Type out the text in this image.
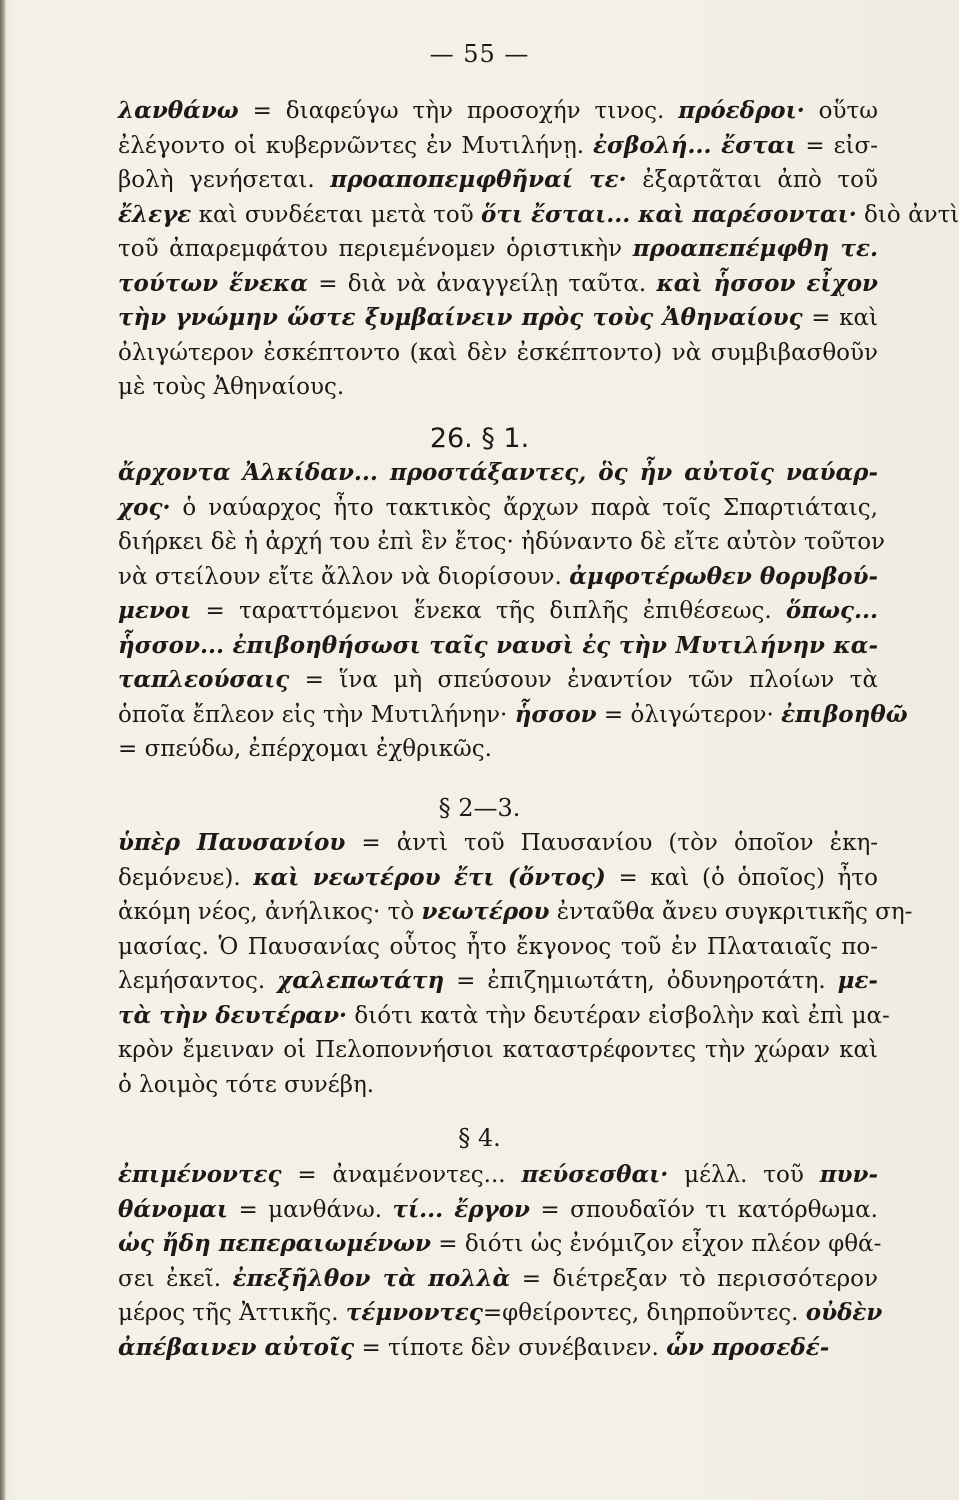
— 55 —
λανθάνω = διαφεύγω τὴν προσοχήν τινος. πρόεδροι· οὕτω
ἐλέγοντο οἱ κυβερνῶντες ἐν Μυτιλήνῃ. ἐσβολή... ἔσται = εἰσ-
βολὴ γενήσεται. προαποπεμφθῆναί τε· ἐξαρτᾶται ἀπὸ τοῦ
ἔλεγε καὶ συνδέεται μετὰ τοῦ ὅτι ἔσται... καὶ παρέσονται· διὸ ἀντὶ
τοῦ ἀπαρεμφάτου περιεμένομεν ὁριστικὴν προαπεπέμφθη τε.
τούτων ἕνεκα = διὰ νὰ ἀναγγείλῃ ταῦτα. καὶ ἧσσον εἶχον
τὴν γνώμην ὥστε ξυμβαίνειν πρὸς τοὺς Ἀθηναίους = καὶ
ὀλιγώτερον ἐσκέπτοντο (καὶ δὲν ἐσκέπτοντο) νὰ συμβιβασθοῦν
μὲ τοὺς Ἀθηναίους.
26. § 1.
ἄρχοντα Ἀλκίδαν... προστάξαντες, ὃς ἦν αὐτοῖς ναύαρ-
χος· ὁ ναύαρχος ἦτο τακτικὸς ἄρχων παρὰ τοῖς Σπαρτιάταις,
διήρκει δὲ ἡ ἀρχή του ἐπὶ ἓν ἔτος· ἠδύναντο δὲ εἴτε αὐτὸν τοῦτον
νὰ στείλουν εἴτε ἄλλον νὰ διορίσουν. ἀμφοτέρωθεν θορυβού-
μενοι = ταραττόμενοι ἕνεκα τῆς διπλῆς ἐπιθέσεως. ὅπως...
ἧσσον... ἐπιβοηθήσωσι ταῖς ναυσὶ ἐς τὴν Μυτιλήνην κα-
ταπλεούσαις = ἵνα μὴ σπεύσουν ἐναντίον τῶν πλοίων τὰ
ὁποῖα ἔπλεον εἰς τὴν Μυτιλήνην· ἧσσον = ὀλιγώτερον· ἐπιβοηθῶ
= σπεύδω, ἐπέρχομαι ἐχθρικῶς.
§ 2—3.
ὑπὲρ Παυσανίου = ἀντὶ τοῦ Παυσανίου (τὸν ὁποῖον ἐκη-
δεμόνευε). καὶ νεωτέρου ἔτι (ὄντος) = καὶ (ὁ ὁποῖος) ἦτο
ἀκόμη νέος, ἀνήλικος· τὸ νεωτέρου ἐνταῦθα ἄνευ συγκριτικῆς ση-
μασίας. Ὁ Παυσανίας οὗτος ἦτο ἔκγονος τοῦ ἐν Πλαταιαῖς πο-
λεμήσαντος. χαλεπωτάτη = ἐπιζημιωτάτη, ὀδυνηροτάτη. με-
τὰ τὴν δευτέραν· διότι κατὰ τὴν δευτέραν εἰσβολὴν καὶ ἐπὶ μα-
κρὸν ἔμειναν οἱ Πελοποννήσιοι καταστρέφοντες τὴν χώραν καὶ
ὁ λοιμὸς τότε συνέβη.
§ 4.
ἐπιμένοντες = ἀναμένοντες... πεύσεσθαι· μέλλ. τοῦ πυν-
θάνομαι = μανθάνω. τί... ἔργον = σπουδαῖόν τι κατόρθωμα.
ὡς ἤδη πεπεραιωμένων = διότι ὡς ἐνόμιζον εἶχον πλέον φθά-
σει ἐκεῖ. ἐπεξῆλθον τὰ πολλὰ = διέτρεξαν τὸ περισσότερον
μέρος τῆς Ἀττικῆς. τέμνοντες=φθείροντες, διηρποῦντες. οὐδὲν
ἀπέβαινεν αὐτοῖς = τίποτε δὲν συνέβαινεν. ὧν προσεδέ-
